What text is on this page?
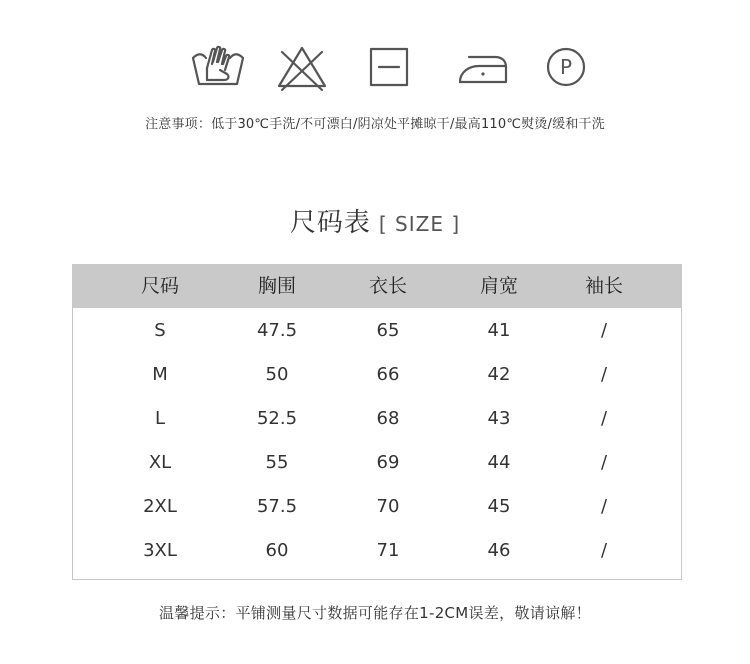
P
注意事项：低于30℃手洗/不可漂白/阴凉处平摊晾干/最高110℃熨烫/缓和干洗
尺码表 [ SIZE ]
尺码	胸围	衣长	肩宽	袖长
S	47.5	65	41	/
M	50	66	42	/
L	52.5	68	43	/
XL	55	69	44	/
2XL	57.5	70	45	/
3XL	60	71	46	/
温馨提示：平铺测量尺寸数据可能存在1-2CM误差，敬请谅解！
